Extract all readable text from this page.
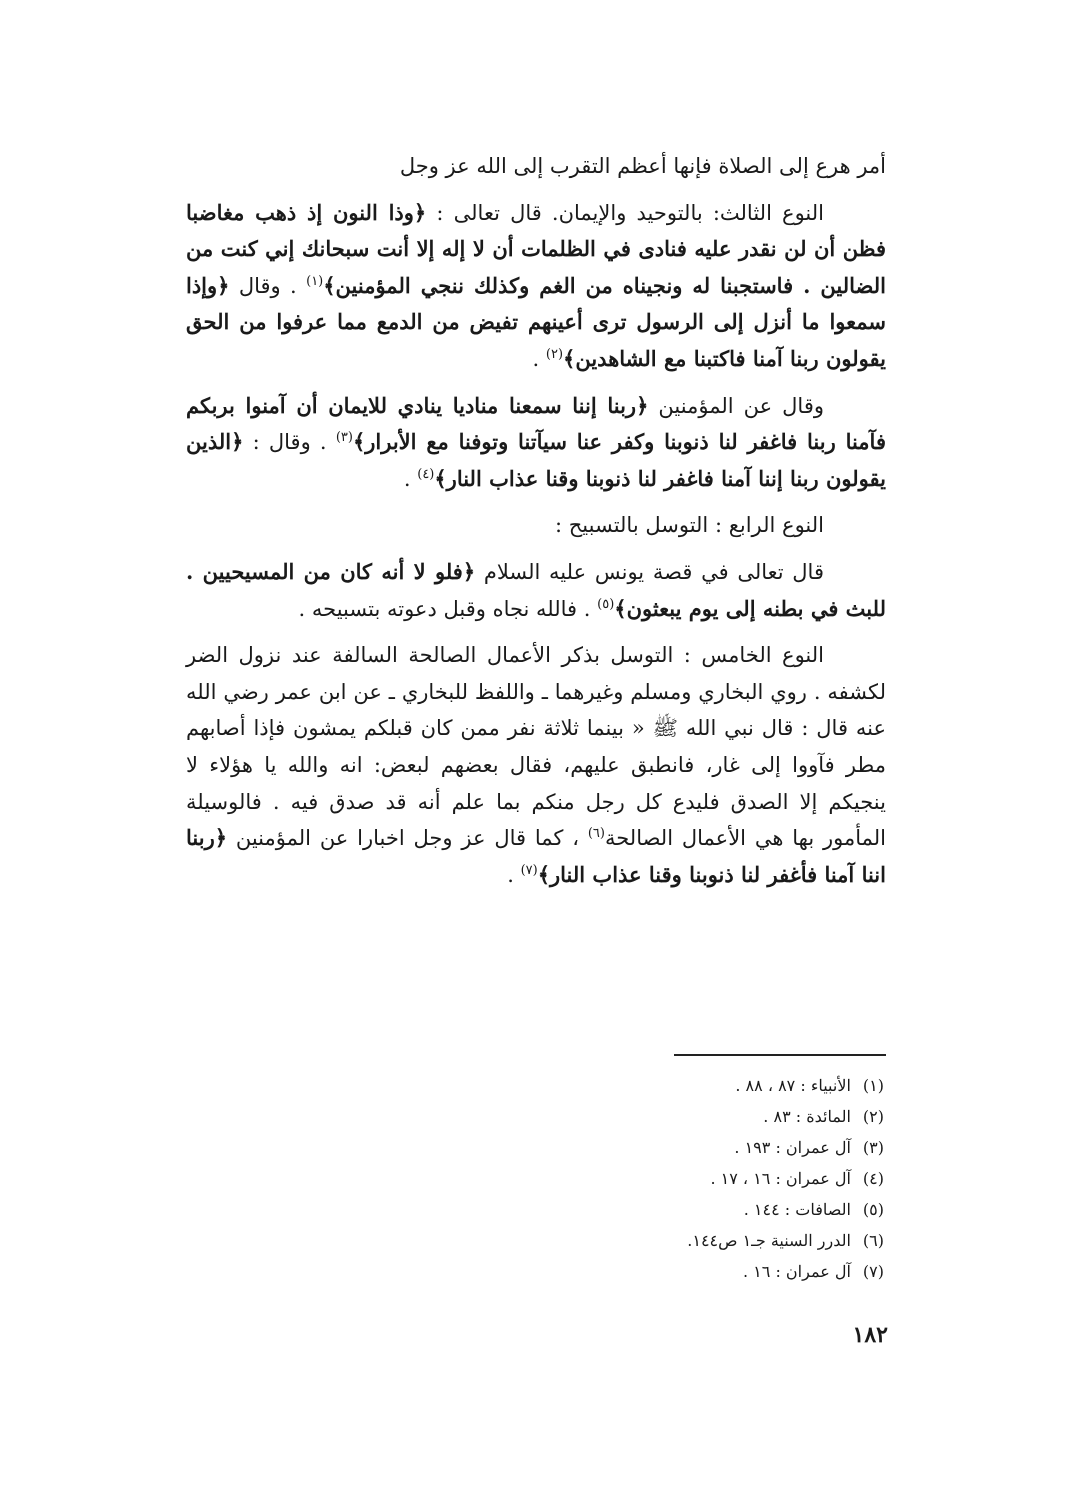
أمر هرع إلى الصلاة فإنها أعظم التقرب إلى الله عز وجل

النوع الثالث: بالتوحيد والإيمان. قال تعالى : ﴿وذا النون إذ ذهب مغاضبا فظن أن لن نقدر عليه فنادى في الظلمات أن لا إله إلا أنت سبحانك إني كنت من الضالين . فاستجبنا له ونجيناه من الغم وكذلك ننجي المؤمنين﴾$^{(١)}$ . وقال ﴿وإذا سمعوا ما أنزل إلى الرسول ترى أعينهم تفيض من الدمع مما عرفوا من الحق يقولون ربنا آمنا فاكتبنا مع الشاهدين﴾$^{(٢)}$ .

وقال عن المؤمنين ﴿ربنا إننا سمعنا مناديا ينادي للايمان أن آمنوا بربكم فآمنا ربنا فاغفر لنا ذنوبنا وكفر عنا سيآتنا وتوفنا مع الأبرار﴾$^{(٣)}$ . وقال : ﴿الذين يقولون ربنا إننا آمنا فاغفر لنا ذنوبنا وقنا عذاب النار﴾$^{(٤)}$ .

النوع الرابع : التوسل بالتسبيح :

قال تعالى في قصة يونس عليه السلام ﴿فلو لا أنه كان من المسيحيين . للبث في بطنه إلى يوم يبعثون﴾$^{(٥)}$ . فالله نجاه وقبل دعوته بتسبيحه .

النوع الخامس : التوسل بذكر الأعمال الصالحة السالفة عند نزول الضر لكشفه . روي البخاري ومسلم وغيرهما ـ واللفظ للبخاري ـ عن ابن عمر رضي الله عنه قال : قال نبي الله ﷺ « بينما ثلاثة نفر ممن كان قبلكم يمشون فإذا أصابهم مطر فآووا إلى غار، فانطبق عليهم، فقال بعضهم لبعض: انه والله يا هؤلاء لا ينجيكم إلا الصدق فليدع كل رجل منكم بما علم أنه قد صدق فيه . فالوسيلة المأمور بها هي الأعمال الصالحة$^{(٦)}$ ، كما قال عز وجل اخبارا عن المؤمنين ﴿ربنا اننا آمنا فأغفر لنا ذنوبنا وقنا عذاب النار﴾$^{(٧)}$ .

(١) الأنبياء : ٨٧ ، ٨٨ .
(٢) المائدة : ٨٣ .
(٣) آل عمران : ١٩٣ .
(٤) آل عمران : ١٦ ، ١٧ .
(٥) الصافات : ١٤٤ .
(٦) الدرر السنية جـ١ ص١٤٤.
(٧) آل عمران : ١٦ .
١٨٢
